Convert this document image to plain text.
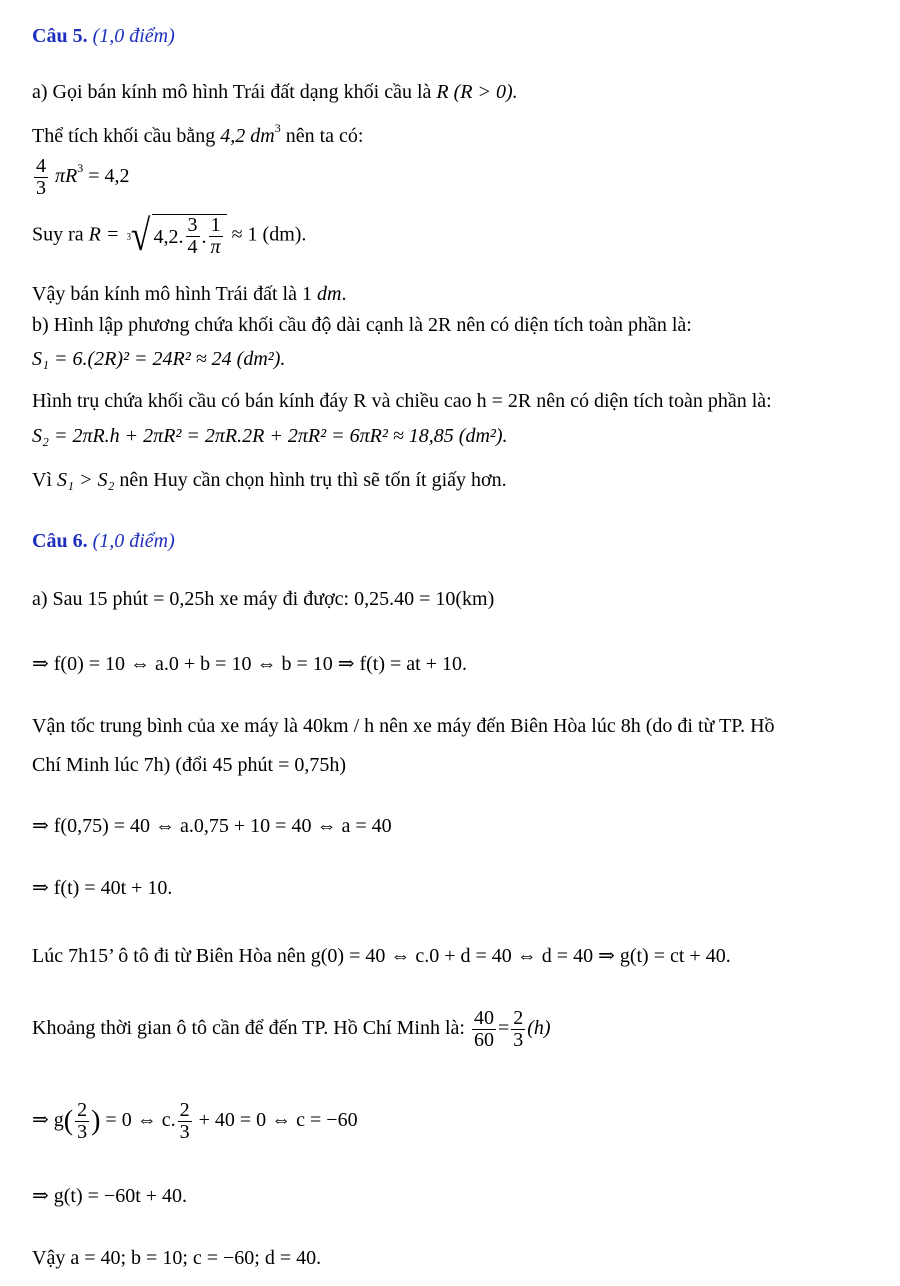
Câu 5. (1,0 điểm)
a) Gọi bán kính mô hình Trái đất dạng khối cầu là R (R > 0).
Thể tích khối cầu bằng 4,2 $dm^3$ nên ta có:
$\frac{4}{3} \pi R^3 = 4,2$
Suy ra R = $^3$√ 4,2. $\frac{3}{4}$ . $\frac{1}{\pi} \approx 1$ (dm).
Vậy bán kính mô hình Trái đất là 1 dm.
b) Hình lập phương chứa khối cầu độ dài cạnh là 2R nên có diện tích toàn phần là:
S₁ = 6.(2R)² = 24R² ≈ 24 (dm²).
Hình trụ chứa khối cầu có bán kính đáy R và chiều cao h = 2R nên có diện tích toàn phần là:
S₂ = 2πR.h + 2πR² = 2πR.2R + 2πR² = 6πR² ≈ 18,85 (dm²).
Vì S₁ > S₂ nên Huy cần chọn hình trụ thì sẽ tốn ít giấy hơn.
Câu 6. (1,0 điểm)
a) Sau 15 phút = 0,25h xe máy đi được: 0,25.40 = 10(km)
⇒ f(0) = 10 ⇔ a.0 + b = 10 ⇔ b = 10 ⇒ f(t) = at + 10.
Vận tốc trung bình của xe máy là 40km / h nên xe máy đến Biên Hòa lúc 8h (do đi từ TP. Hồ
Chí Minh lúc 7h) (đổi 45 phút = 0,75h)
⇒ f(0,75) = 40 ⇔ a.0,75 + 10 = 40 ⇔ a = 40
⇒ f(t) = 40t + 10.
Lúc 7h15’ ô tô đi từ Biên Hòa nên g(0) = 40 ⇔ c.0 + d = 40 ⇔ d = 40 ⇒ g(t) = ct + 40.
Khoảng thời gian ô tô cần để đến TP. Hồ Chí Minh là: $\frac{40}{60} = \frac{2}{3} (h)$
⇒ $g( \frac{2}{3}$ ) = 0 ⇔ c. $\frac{2}{3} + 40 = 0$ ⇔ c = −60
⇒ g(t) = −60t + 40.
Vậy a = 40; b = 10; c = −60; d = 40.
